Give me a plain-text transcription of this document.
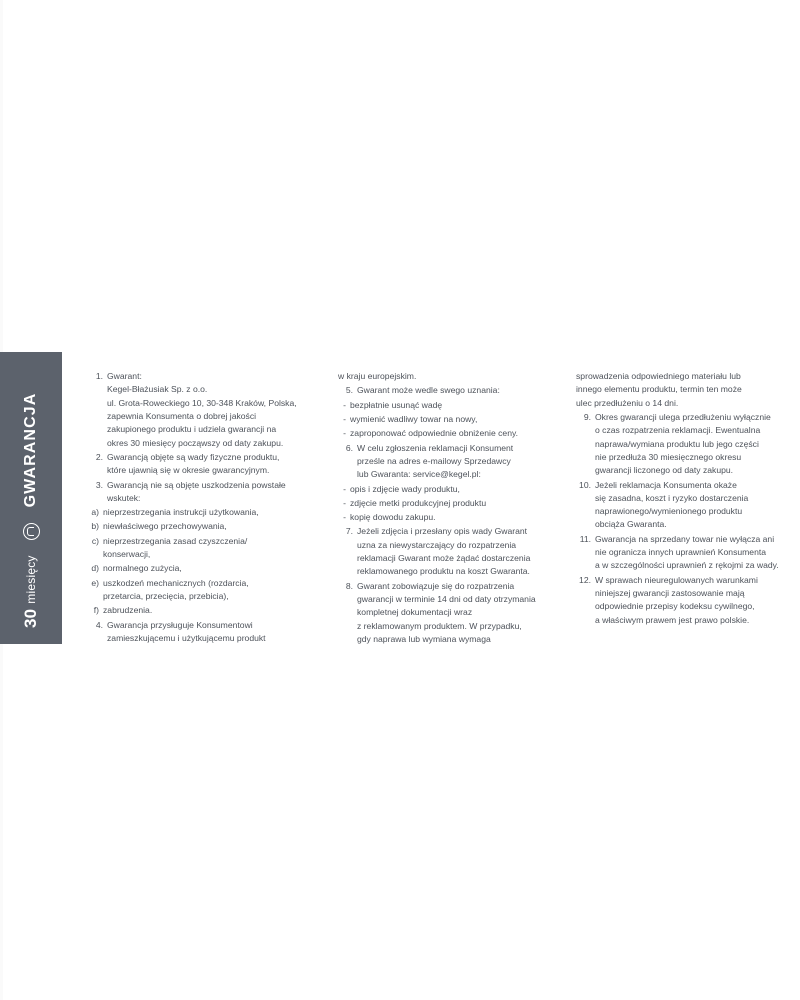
30
miesięcy
GWARANCJA
1. Gwarant:
Kegel-Błażusiak Sp. z o.o.
ul. Grota-Roweckiego 10, 30-348 Kraków, Polska,
zapewnia Konsumenta o dobrej jakości
zakupionego produktu i udziela gwarancji na
okres 30 miesięcy począwszy od daty zakupu.
2. Gwarancją objęte są wady fizyczne produktu,
które ujawnią się w okresie gwarancyjnym.
3. Gwarancją nie są objęte uszkodzenia powstałe
wskutek:
a) nieprzestrzegania instrukcji użytkowania,
b) niewłaściwego przechowywania,
c) nieprzestrzegania zasad czyszczenia/
konserwacji,
d) normalnego zużycia,
e) uszkodzeń mechanicznych (rozdarcia,
przetarcia, przecięcia, przebicia),
f) zabrudzenia.
4. Gwarancja przysługuje Konsumentowi
zamieszkującemu i użytkującemu produkt
w kraju europejskim.
5. Gwarant może wedle swego uznania:
- bezpłatnie usunąć wadę
- wymienić wadliwy towar na nowy,
- zaproponować odpowiednie obniżenie ceny.
6. W celu zgłoszenia reklamacji Konsument
prześle na adres e-mailowy Sprzedawcy
lub Gwaranta: service@kegel.pl:
- opis i zdjęcie wady produktu,
- zdjęcie metki produkcyjnej produktu
- kopię dowodu zakupu.
7. Jeżeli zdjęcia i przesłany opis wady Gwarant
uzna za niewystarczający do rozpatrzenia
reklamacji Gwarant może żądać dostarczenia
reklamowanego produktu na koszt Gwaranta.
8. Gwarant zobowiązuje się do rozpatrzenia
gwarancji w terminie 14 dni od daty otrzymania
kompletnej dokumentacji wraz
z reklamowanym produktem. W przypadku,
gdy naprawa lub wymiana wymaga
sprowadzenia odpowiedniego materiału lub
innego elementu produktu, termin ten może
ulec przedłużeniu o 14 dni.
9. Okres gwarancji ulega przedłużeniu wyłącznie
o czas rozpatrzenia reklamacji. Ewentualna
naprawa/wymiana produktu lub jego części
nie przedłuża 30 miesięcznego okresu
gwarancji liczonego od daty zakupu.
10. Jeżeli reklamacja Konsumenta okaże
się zasadna, koszt i ryzyko dostarczenia
naprawionego/wymienionego produktu
obciąża Gwaranta.
11. Gwarancja na sprzedany towar nie wyłącza ani
nie ogranicza innych uprawnień Konsumenta
a w szczególności uprawnień z rękojmi za wady.
12. W sprawach nieuregulowanych warunkami
niniejszej gwarancji zastosowanie mają
odpowiednie przepisy kodeksu cywilnego,
a właściwym prawem jest prawo polskie.
